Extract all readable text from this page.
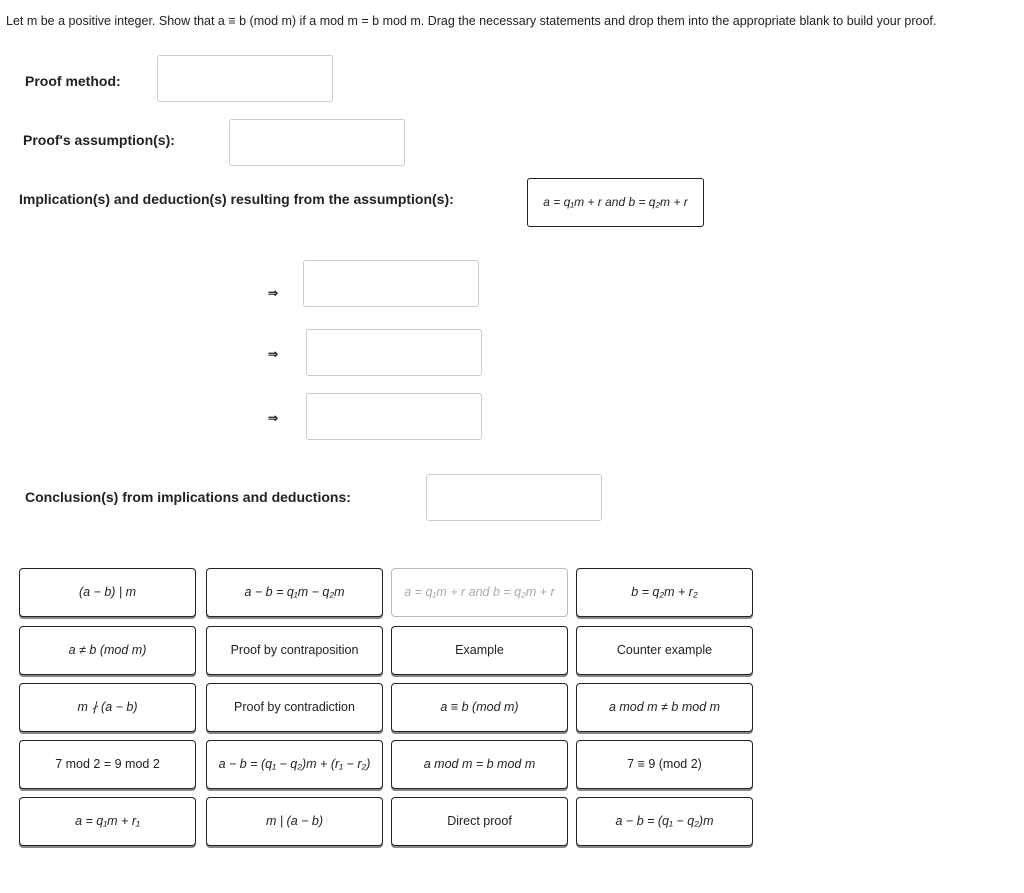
Let m be a positive integer. Show that a ≡ b (mod m) if a mod m = b mod m. Drag the necessary statements and drop them into the appropriate blank to build your proof.
Proof method:
Proof's assumption(s):
Implication(s) and deduction(s) resulting from the assumption(s):	a = q₁m + r and b = q₂m + r
⇒
⇒
⇒
Conclusion(s) from implications and deductions:
(a − b) | m	a − b = q₁m − q₂m	a = q₁m + r and b = q₂m + r	b = q₂m + r₂
a ≠ b (mod m)	Proof by contraposition	Example	Counter example
m ∤ (a − b)	Proof by contradiction	a ≡ b (mod m)	a mod m ≠ b mod m
7 mod 2 = 9 mod 2	a − b = (q₁ − q₂)m + (r₁ − r₂)	a mod m = b mod m	7 ≡ 9 (mod 2)
a = q₁m + r₁	m | (a − b)	Direct proof	a − b = (q₁ − q₂)m
